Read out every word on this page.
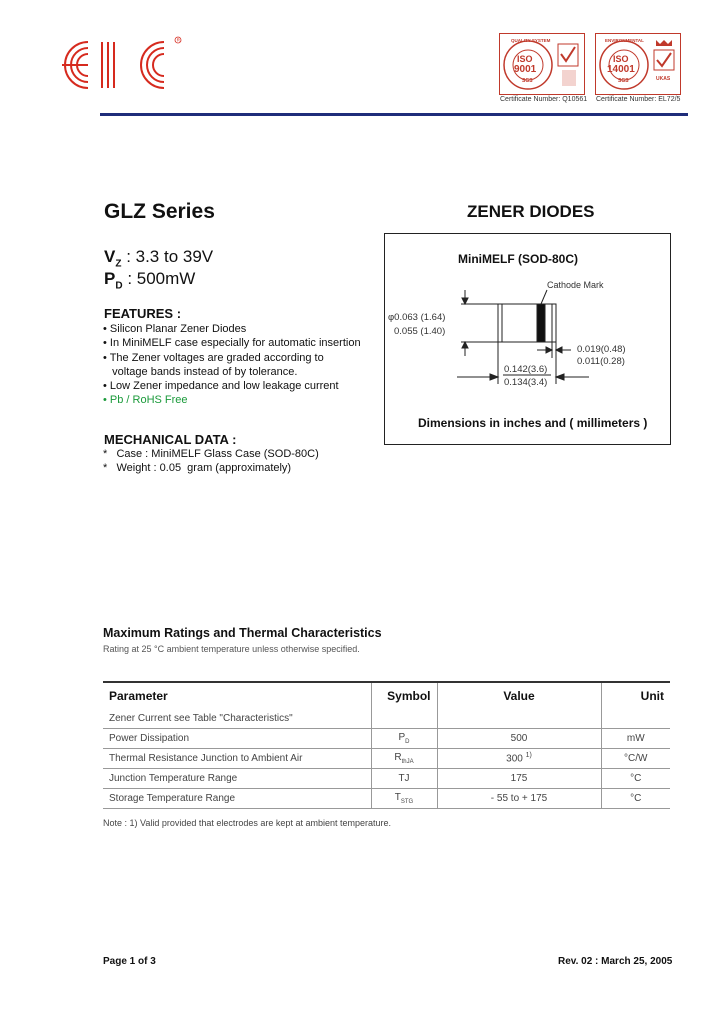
R	QUALITY SYSTEM
ISO
9001
SGS
Certificate Number: Q10561
ENVIRONMENTAL
ISO
14001
SGS	UKAS
Certificate Number: EL72/5
GLZ Series	ZENER DIODES
$V_Z$ : 3.3 to 39V
$P_D$ : 500mW
FEATURES :
• Silicon Planar Zener Diodes
• In MiniMELF case especially for automatic insertion
• The Zener voltages are graded according to
voltage bands instead of by tolerance.
• Low Zener impedance and low leakage current
• Pb / RoHS Free
MECHANICAL DATA :
*   Case : MiniMELF Glass Case (SOD-80C)
*   Weight : 0.05  gram (approximately)
MiniMELF (SOD-80C)
Cathode Mark
φ0.063 (1.64)
0.055 (1.40)
0.019(0.48)
0.011(0.28)
0.142(3.6)
0.134(3.4)
Dimensions in inches and ( millimeters )
Maximum Ratings and Thermal Characteristics
Rating at 25 °C ambient temperature unless otherwise specified.
Parameter	Symbol	Value	Unit
Zener Current see Table "Characteristics"			
Power Dissipation	$P_D$	500	mW
Thermal Resistance Junction to Ambient Air	$R_{thJA}$	300 $^{1)}$	°C/W
Junction Temperature Range	TJ	175	°C
Storage Temperature Range	$T_{STG}$	- 55 to + 175	°C
Note : 1) Valid provided that electrodes are kept at ambient temperature.
Page 1 of 3	Rev. 02 : March 25, 2005
